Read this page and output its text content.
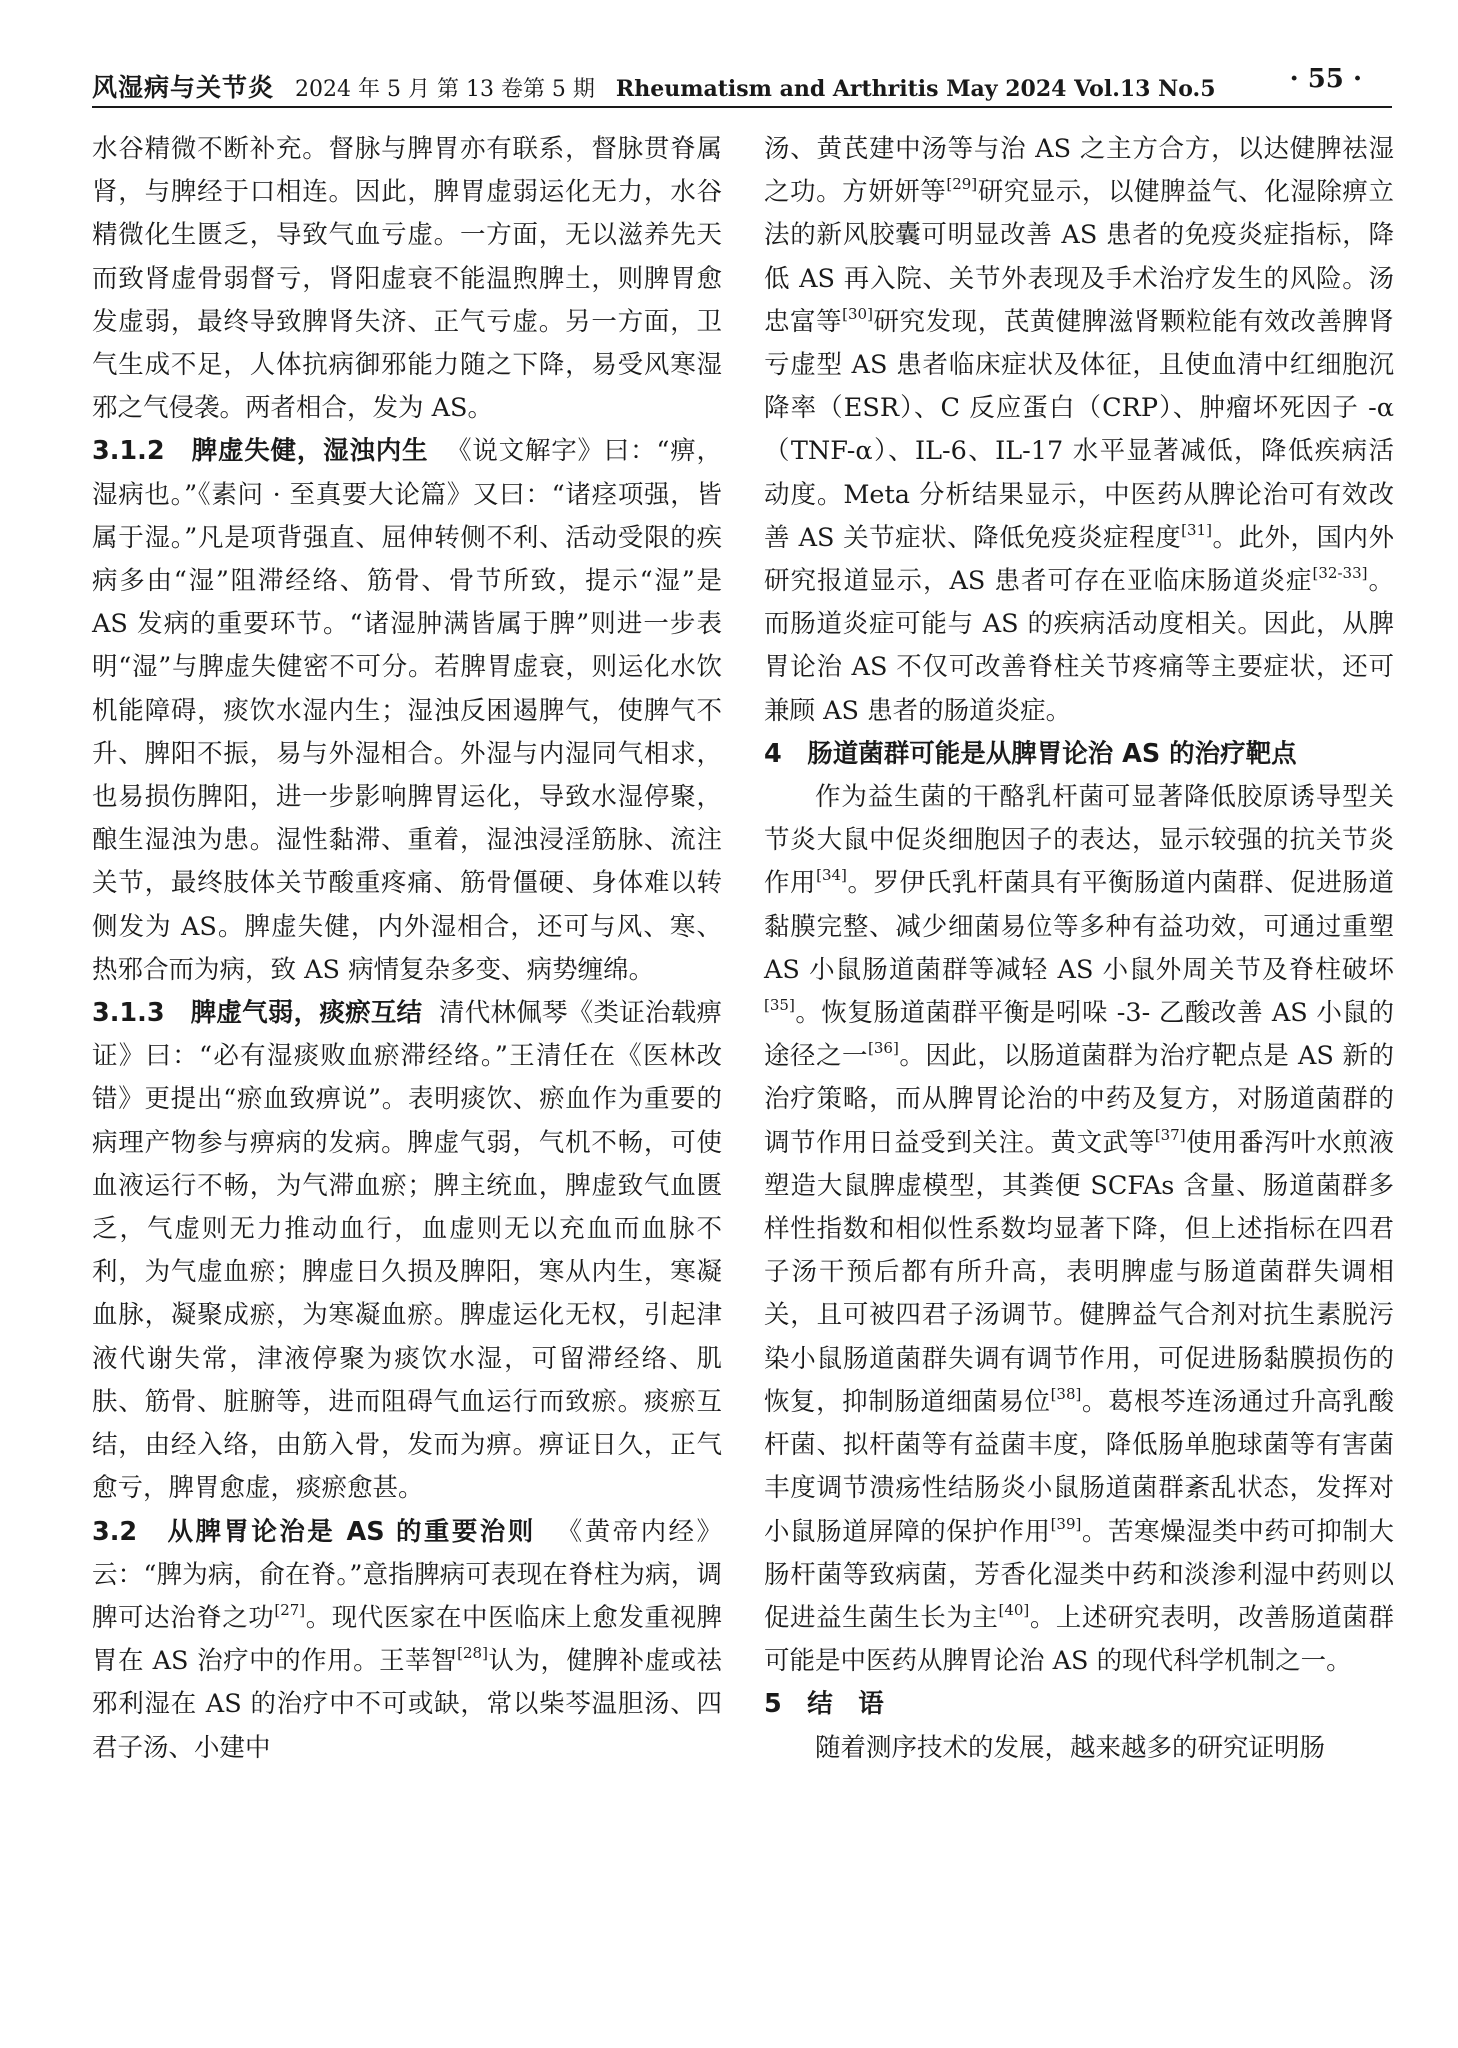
风湿病与关节炎 2024 年 5 月 第 13 卷第 5 期 Rheumatism and Arthritis May 2024 Vol.13 No.5	· 55 ·

水谷精微不断补充。督脉与脾胃亦有联系，督脉贯脊属肾，与脾经于口相连。因此，脾胃虚弱运化无力，水谷精微化生匮乏，导致气血亏虚。一方面，无以滋养先天而致肾虚骨弱督亏，肾阳虚衰不能温煦脾土，则脾胃愈发虚弱，最终导致脾肾失济、正气亏虚。另一方面，卫气生成不足，人体抗病御邪能力随之下降，易受风寒湿邪之气侵袭。两者相合，发为 AS。

3.1.2　脾虚失健，湿浊内生 《说文解字》曰：“痹，湿病也。”《素问 · 至真要大论篇》又曰：“诸痉项强，皆属于湿。”凡是项背强直、屈伸转侧不利、活动受限的疾病多由“湿”阻滞经络、筋骨、骨节所致，提示“湿”是 AS 发病的重要环节。“诸湿肿满皆属于脾”则进一步表明“湿”与脾虚失健密不可分。若脾胃虚衰，则运化水饮机能障碍，痰饮水湿内生；湿浊反困遏脾气，使脾气不升、脾阳不振，易与外湿相合。外湿与内湿同气相求，也易损伤脾阳，进一步影响脾胃运化，导致水湿停聚，酿生湿浊为患。湿性黏滞、重着，湿浊浸淫筋脉、流注关节，最终肢体关节酸重疼痛、筋骨僵硬、身体难以转侧发为 AS。脾虚失健，内外湿相合，还可与风、寒、热邪合而为病，致 AS 病情复杂多变、病势缠绵。

3.1.3　脾虚气弱，痰瘀互结 清代林佩琴《类证治载痹证》曰：“必有湿痰败血瘀滞经络。”王清任在《医林改错》更提出“瘀血致痹说”。表明痰饮、瘀血作为重要的病理产物参与痹病的发病。脾虚气弱，气机不畅，可使血液运行不畅，为气滞血瘀；脾主统血，脾虚致气血匮乏，气虚则无力推动血行，血虚则无以充血而血脉不利，为气虚血瘀；脾虚日久损及脾阳，寒从内生，寒凝血脉，凝聚成瘀，为寒凝血瘀。脾虚运化无权，引起津液代谢失常，津液停聚为痰饮水湿，可留滞经络、肌肤、筋骨、脏腑等，进而阻碍气血运行而致瘀。痰瘀互结，由经入络，由筋入骨，发而为痹。痹证日久，正气愈亏，脾胃愈虚，痰瘀愈甚。

3.2　从脾胃论治是 AS 的重要治则 《黄帝内经》云：“脾为病，俞在脊。”意指脾病可表现在脊柱为病，调脾可达治脊之功[27]。现代医家在中医临床上愈发重视脾胃在 AS 治疗中的作用。王莘智[28]认为，健脾补虚或祛邪利湿在 AS 的治疗中不可或缺，常以柴芩温胆汤、四君子汤、小建中

汤、黄芪建中汤等与治 AS 之主方合方，以达健脾祛湿之功。方妍妍等[29]研究显示，以健脾益气、化湿除痹立法的新风胶囊可明显改善 AS 患者的免疫炎症指标，降低 AS 再入院、关节外表现及手术治疗发生的风险。汤忠富等[30]研究发现，芪黄健脾滋肾颗粒能有效改善脾肾亏虚型 AS 患者临床症状及体征，且使血清中红细胞沉降率（ESR）、C 反应蛋白（CRP）、肿瘤坏死因子 -α（TNF-α）、IL-6、IL-17 水平显著减低，降低疾病活动度。Meta 分析结果显示，中医药从脾论治可有效改善 AS 关节症状、降低免疫炎症程度[31]。此外，国内外研究报道显示，AS 患者可存在亚临床肠道炎症[32-33]。而肠道炎症可能与 AS 的疾病活动度相关。因此，从脾胃论治 AS 不仅可改善脊柱关节疼痛等主要症状，还可兼顾 AS 患者的肠道炎症。

4　肠道菌群可能是从脾胃论治 AS 的治疗靶点

作为益生菌的干酪乳杆菌可显著降低胶原诱导型关节炎大鼠中促炎细胞因子的表达，显示较强的抗关节炎作用[34]。罗伊氏乳杆菌具有平衡肠道内菌群、促进肠道黏膜完整、减少细菌易位等多种有益功效，可通过重塑 AS 小鼠肠道菌群等减轻 AS 小鼠外周关节及脊柱破坏[35]。恢复肠道菌群平衡是吲哚 -3- 乙酸改善 AS 小鼠的途径之一[36]。因此，以肠道菌群为治疗靶点是 AS 新的治疗策略，而从脾胃论治的中药及复方，对肠道菌群的调节作用日益受到关注。黄文武等[37]使用番泻叶水煎液塑造大鼠脾虚模型，其粪便 SCFAs 含量、肠道菌群多样性指数和相似性系数均显著下降，但上述指标在四君子汤干预后都有所升高，表明脾虚与肠道菌群失调相关，且可被四君子汤调节。健脾益气合剂对抗生素脱污染小鼠肠道菌群失调有调节作用，可促进肠黏膜损伤的恢复，抑制肠道细菌易位[38]。葛根芩连汤通过升高乳酸杆菌、拟杆菌等有益菌丰度，降低肠单胞球菌等有害菌丰度调节溃疡性结肠炎小鼠肠道菌群紊乱状态，发挥对小鼠肠道屏障的保护作用[39]。苦寒燥湿类中药可抑制大肠杆菌等致病菌，芳香化湿类中药和淡渗利湿中药则以促进益生菌生长为主[40]。上述研究表明，改善肠道菌群可能是中医药从脾胃论治 AS 的现代科学机制之一。

5　结　语

随着测序技术的发展，越来越多的研究证明肠
